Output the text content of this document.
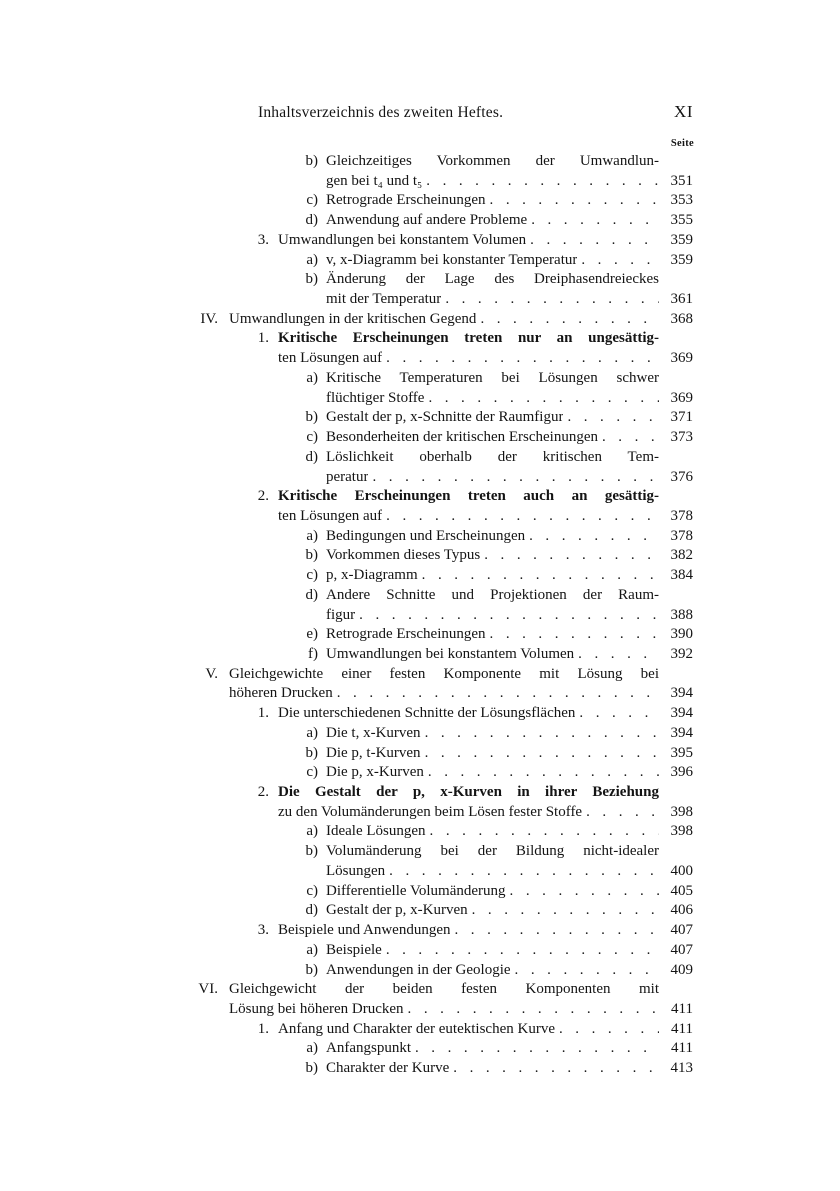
Inhaltsverzeichnis des zweiten Heftes.	XI
Seite
b) Gleichzeitiges Vorkommen der Umwandlun-
gen bei t₄ und t₅ . . .	351
c) Retrograde Erscheinungen . . .	353
d) Anwendung auf andere Probleme . . .	355
3. Umwandlungen bei konstantem Volumen . . .	359
a) v, x-Diagramm bei konstanter Temperatur . . .	359
b) Änderung der Lage des Dreiphasendreieckes
mit der Temperatur . . .	361
IV. Umwandlungen in der kritischen Gegend . . .	368
1. Kritische Erscheinungen treten nur an ungesättig-
ten Lösungen auf . . .	369
a) Kritische Temperaturen bei Lösungen schwer
flüchtiger Stoffe . . .	369
b) Gestalt der p, x-Schnitte der Raumfigur . . .	371
c) Besonderheiten der kritischen Erscheinungen . . .	373
d) Löslichkeit oberhalb der kritischen Tem-
peratur . . .	376
2. Kritische Erscheinungen treten auch an gesättig-
ten Lösungen auf . . .	378
a) Bedingungen und Erscheinungen . . .	378
b) Vorkommen dieses Typus . . .	382
c) p, x-Diagramm . . .	384
d) Andere Schnitte und Projektionen der Raum-
figur . . .	388
e) Retrograde Erscheinungen . . .	390
f) Umwandlungen bei konstantem Volumen . . .	392
V. Gleichgewichte einer festen Komponente mit Lösung bei
höheren Drucken . . .	394
1. Die unterschiedenen Schnitte der Lösungsflächen . . .	394
a) Die t, x-Kurven . . .	394
b) Die p, t-Kurven . . .	395
c) Die p, x-Kurven . . .	396
2. Die Gestalt der p, x-Kurven in ihrer Beziehung
zu den Volumänderungen beim Lösen fester Stoffe . . .	398
a) Ideale Lösungen . . .	398
b) Volumänderung bei der Bildung nicht-idealer
Lösungen . . .	400
c) Differentielle Volumänderung . . .	405
d) Gestalt der p, x-Kurven . . .	406
3. Beispiele und Anwendungen . . .	407
a) Beispiele . . .	407
b) Anwendungen in der Geologie . . .	409
VI. Gleichgewicht der beiden festen Komponenten mit
Lösung bei höheren Drucken . . .	411
1. Anfang und Charakter der eutektischen Kurve . . .	411
a) Anfangspunkt . . .	411
b) Charakter der Kurve . . .	413
